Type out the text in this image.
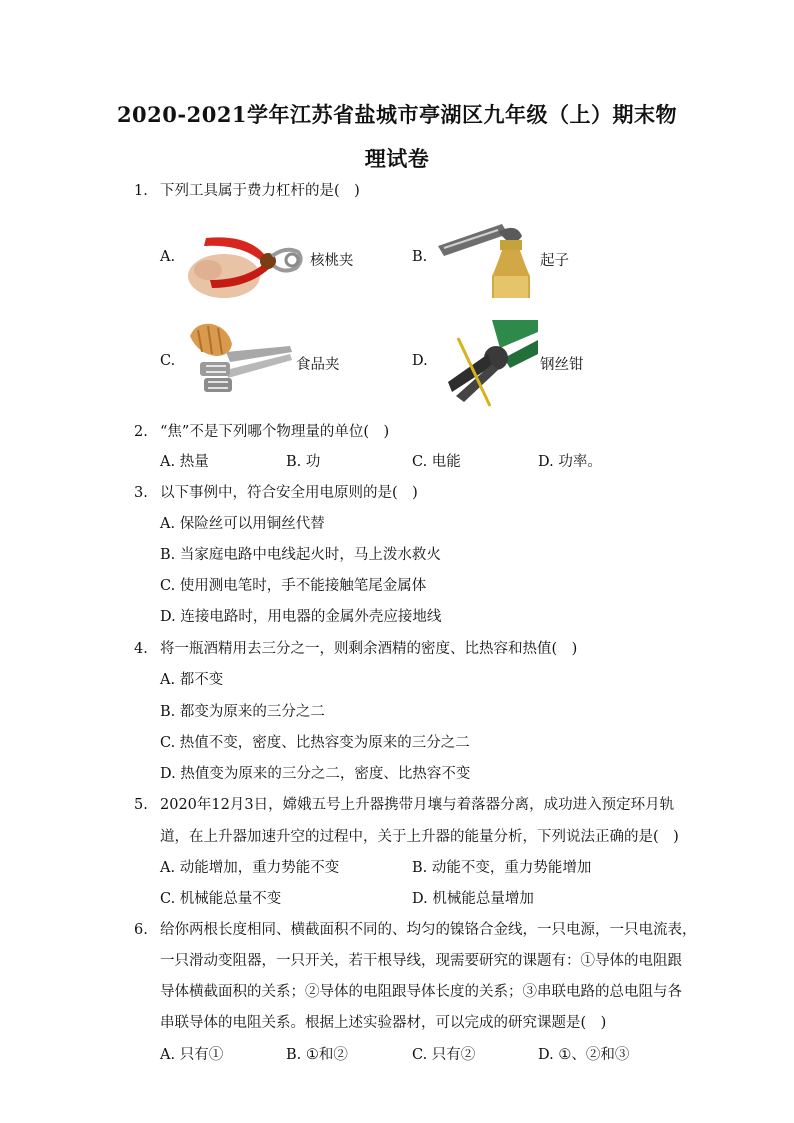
2020-2021学年江苏省盐城市亭湖区九年级（上）期末物
理试卷
1. 下列工具属于费力杠杆的是(　)
A.	核桃夹	B.	起子
C.	食品夹	D.	钢丝钳
2. “焦”不是下列哪个物理量的单位(　)
A. 热量	B. 功	C. 电能	D. 功率。
3. 以下事例中，符合安全用电原则的是(　)
A. 保险丝可以用铜丝代替
B. 当家庭电路中电线起火时，马上泼水救火
C. 使用测电笔时，手不能接触笔尾金属体
D. 连接电路时，用电器的金属外壳应接地线
4. 将一瓶酒精用去三分之一，则剩余酒精的密度、比热容和热值(　)
A. 都不变
B. 都变为原来的三分之二
C. 热值不变，密度、比热容变为原来的三分之二
D. 热值变为原来的三分之二，密度、比热容不变
5. 2020年12月3日，嫦娥五号上升器携带月壤与着落器分离，成功进入预定环月轨
道，在上升器加速升空的过程中，关于上升器的能量分析，下列说法正确的是(　)
A. 动能增加，重力势能不变	B. 动能不变，重力势能增加
C. 机械能总量不变	D. 机械能总量增加
6. 给你两根长度相同、横截面积不同的、均匀的镍铬合金线，一只电源，一只电流表，
一只滑动变阻器，一只开关，若干根导线，现需要研究的课题有：①导体的电阻跟
导体横截面积的关系；②导体的电阻跟导体长度的关系；③串联电路的总电阻与各
串联导体的电阻关系。根据上述实验器材，可以完成的研究课题是(　)
A. 只有①	B. ①和②	C. 只有②	D. ①、②和③
